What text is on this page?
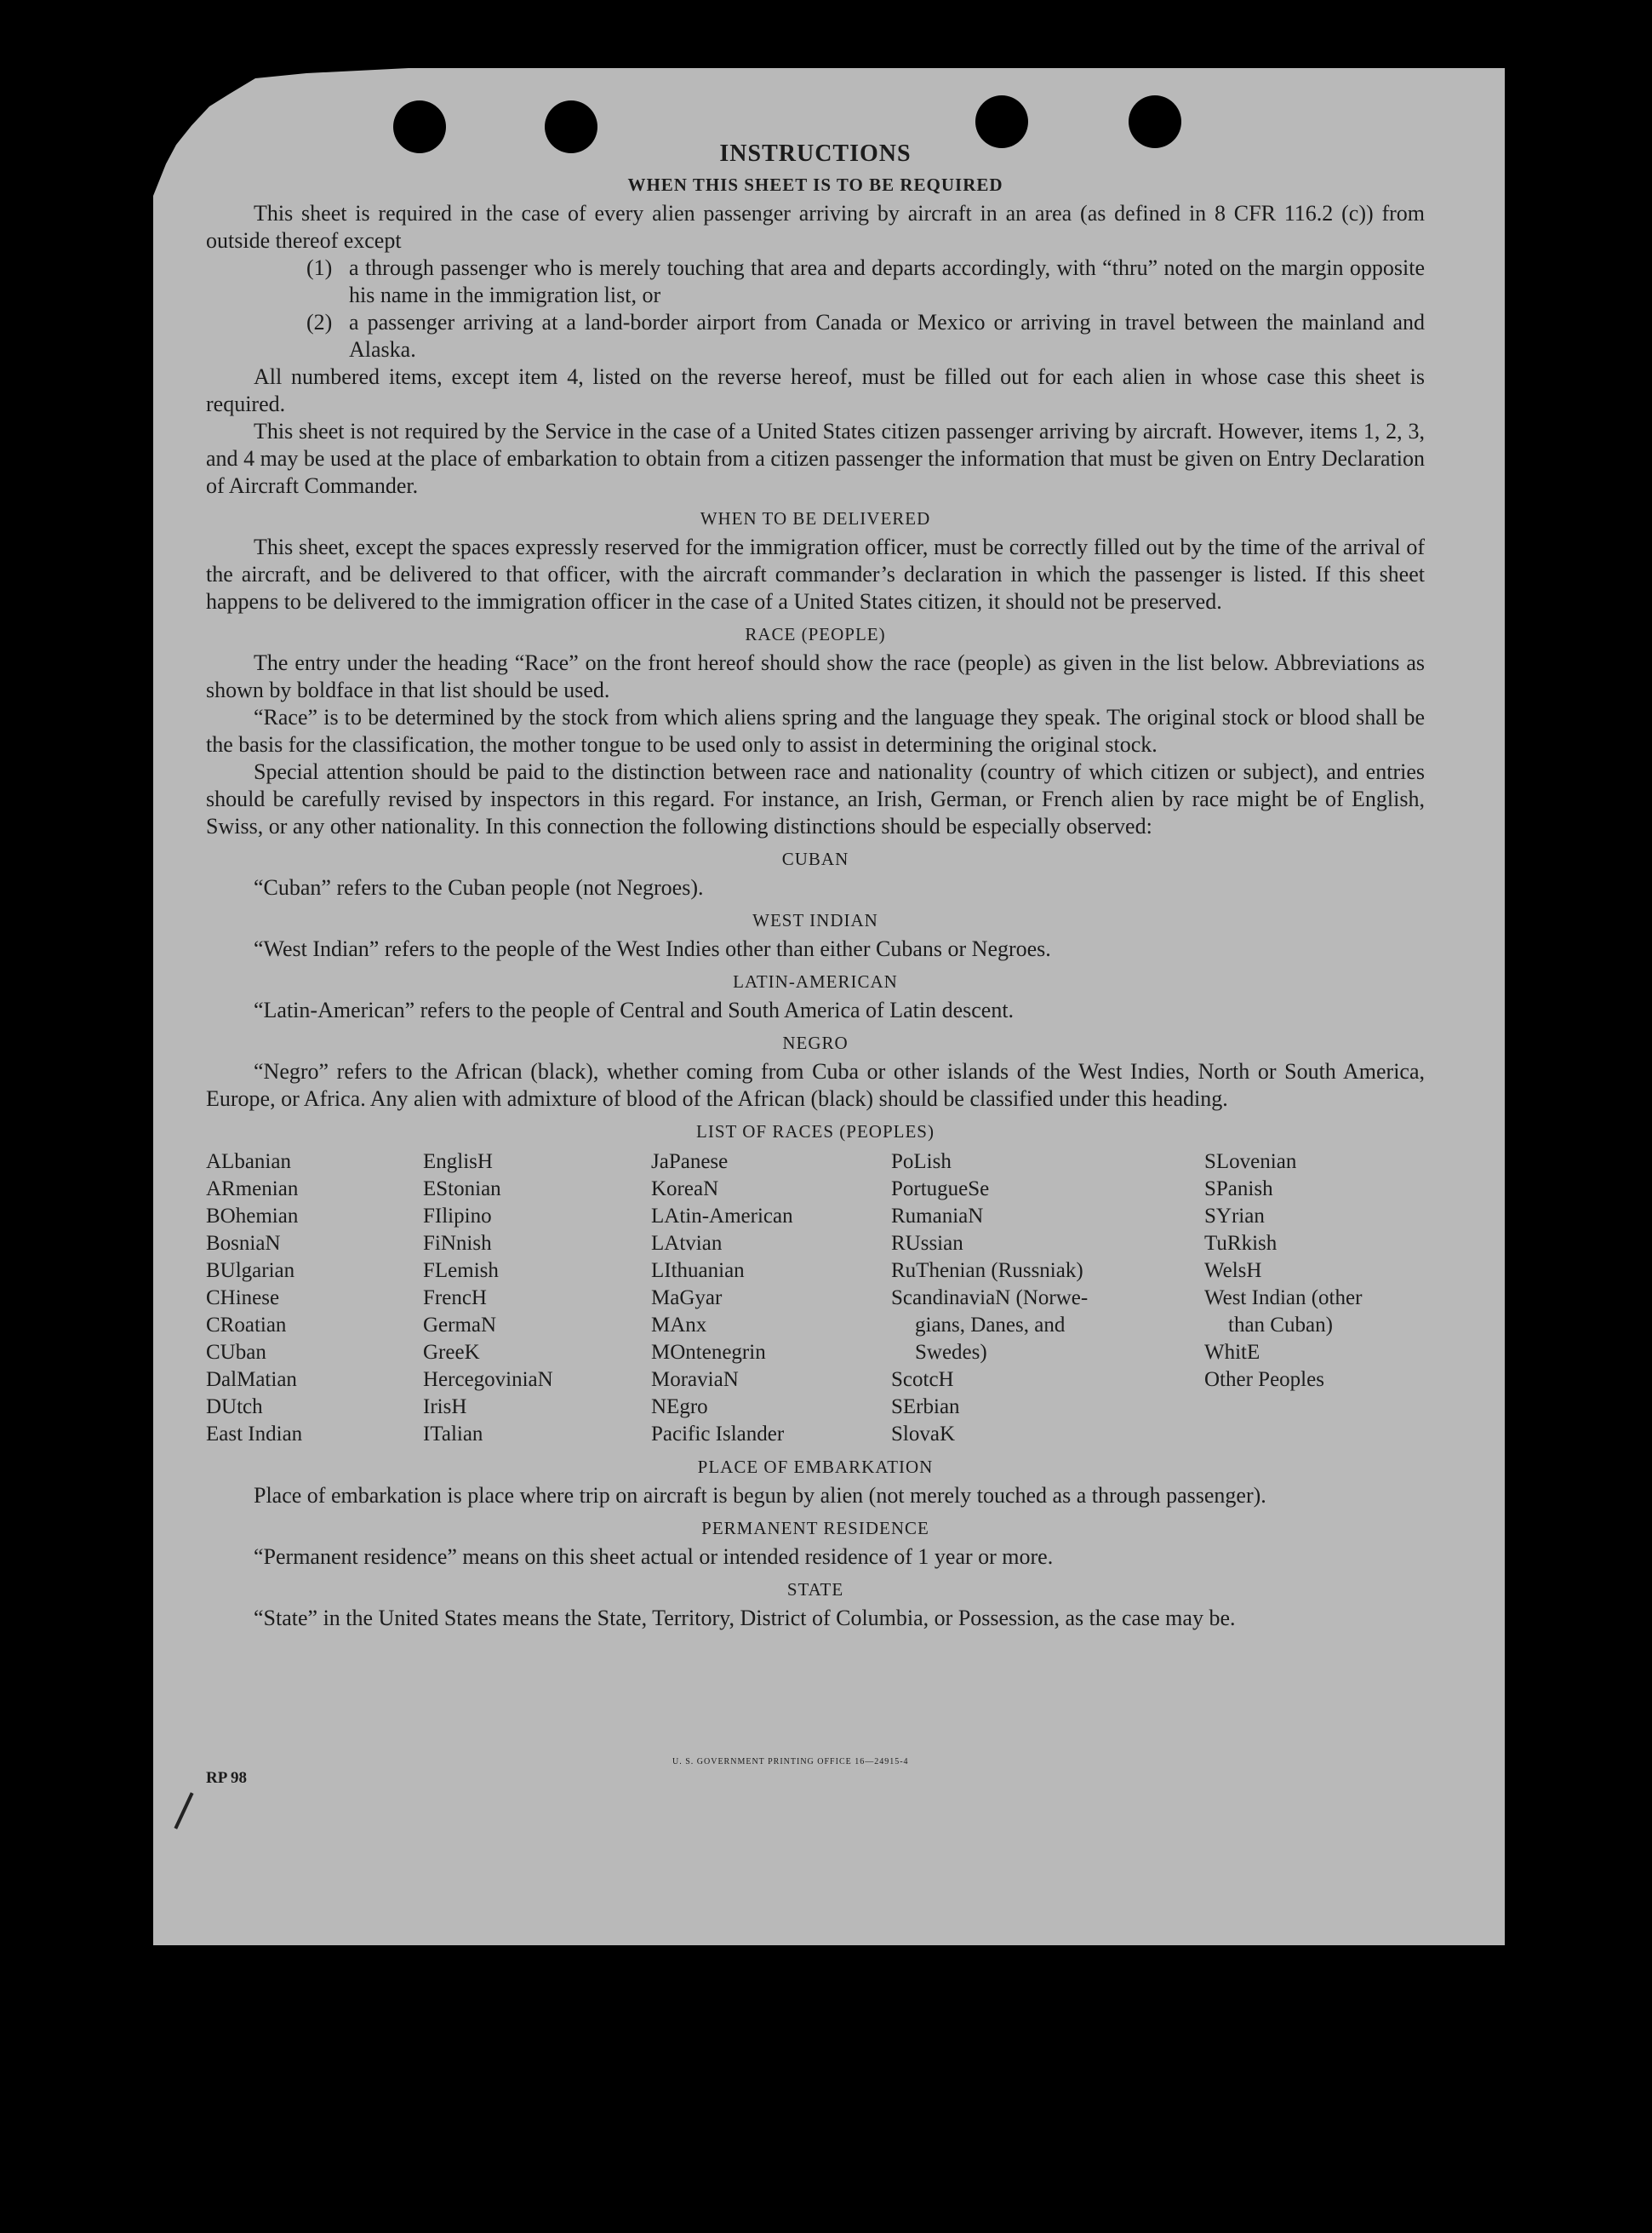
INSTRUCTIONS
WHEN THIS SHEET IS TO BE REQUIRED

This sheet is required in the case of every alien passenger arriving by aircraft in an area (as defined in 8 CFR 116.2 (c)) from outside thereof except

(1) a through passenger who is merely touching that area and departs accordingly, with “thru” noted on the margin opposite his name in the immigration list, or
(2) a passenger arriving at a land-border airport from Canada or Mexico or arriving in travel between the mainland and Alaska.

All numbered items, except item 4, listed on the reverse hereof, must be filled out for each alien in whose case this sheet is required.

This sheet is not required by the Service in the case of a United States citizen passenger arriving by aircraft. However, items 1, 2, 3, and 4 may be used at the place of embarkation to obtain from a citizen passenger the information that must be given on Entry Declaration of Aircraft Commander.

WHEN TO BE DELIVERED

This sheet, except the spaces expressly reserved for the immigration officer, must be correctly filled out by the time of the arrival of the aircraft, and be delivered to that officer, with the aircraft commander’s declaration in which the passenger is listed. If this sheet happens to be delivered to the immigration officer in the case of a United States citizen, it should not be preserved.

RACE (PEOPLE)

The entry under the heading “Race” on the front hereof should show the race (people) as given in the list below. Abbreviations as shown by boldface in that list should be used.

“Race” is to be determined by the stock from which aliens spring and the language they speak. The original stock or blood shall be the basis for the classification, the mother tongue to be used only to assist in determining the original stock.

Special attention should be paid to the distinction between race and nationality (country of which citizen or subject), and entries should be carefully revised by inspectors in this regard. For instance, an Irish, German, or French alien by race might be of English, Swiss, or any other nationality. In this connection the following distinctions should be especially observed:

CUBAN

“Cuban” refers to the Cuban people (not Negroes).

WEST INDIAN

“West Indian” refers to the people of the West Indies other than either Cubans or Negroes.

LATIN-AMERICAN

“Latin-American” refers to the people of Central and South America of Latin descent.

NEGRO

“Negro” refers to the African (black), whether coming from Cuba or other islands of the West Indies, North or South America, Europe, or Africa. Any alien with admixture of blood of the African (black) should be classified under this heading.

LIST OF RACES (PEOPLES)
ALbanian
ARmenian
BOhemian
BosniaN
BUlgarian
CHinese
CRoatian
CUban
DalMatian
DUtch
East Indian
EnglisH
EStonian
FIlipino
FiNnish
FLemish
FrencH
GermaN
GreeK
HercegoviniaN
IrisH
ITalian
JaPanese
KoreaN
LAtin-American
LAtvian
LIthuanian
MaGyar
MAnx
MOntenegrin
MoraviaN
NEgro
Pacific Islander
PoLish
PortugueSe
RumaniaN
RUssian
RuThenian (Russniak)
ScandinaviaN (Norwe-
gians, Danes, and
Swedes)
ScotcH
SErbian
SlovaK
SLovenian
SPanish
SYrian
TuRkish
WelsH
West Indian (other
than Cuban)
WhitE
Other Peoples
PLACE OF EMBARKATION

Place of embarkation is place where trip on aircraft is begun by alien (not merely touched as a through passenger).

PERMANENT RESIDENCE

“Permanent residence” means on this sheet actual or intended residence of 1 year or more.

STATE

“State” in the United States means the State, Territory, District of Columbia, or Possession, as the case may be.

U. S. GOVERNMENT PRINTING OFFICE 16—24915-4
RP 98
